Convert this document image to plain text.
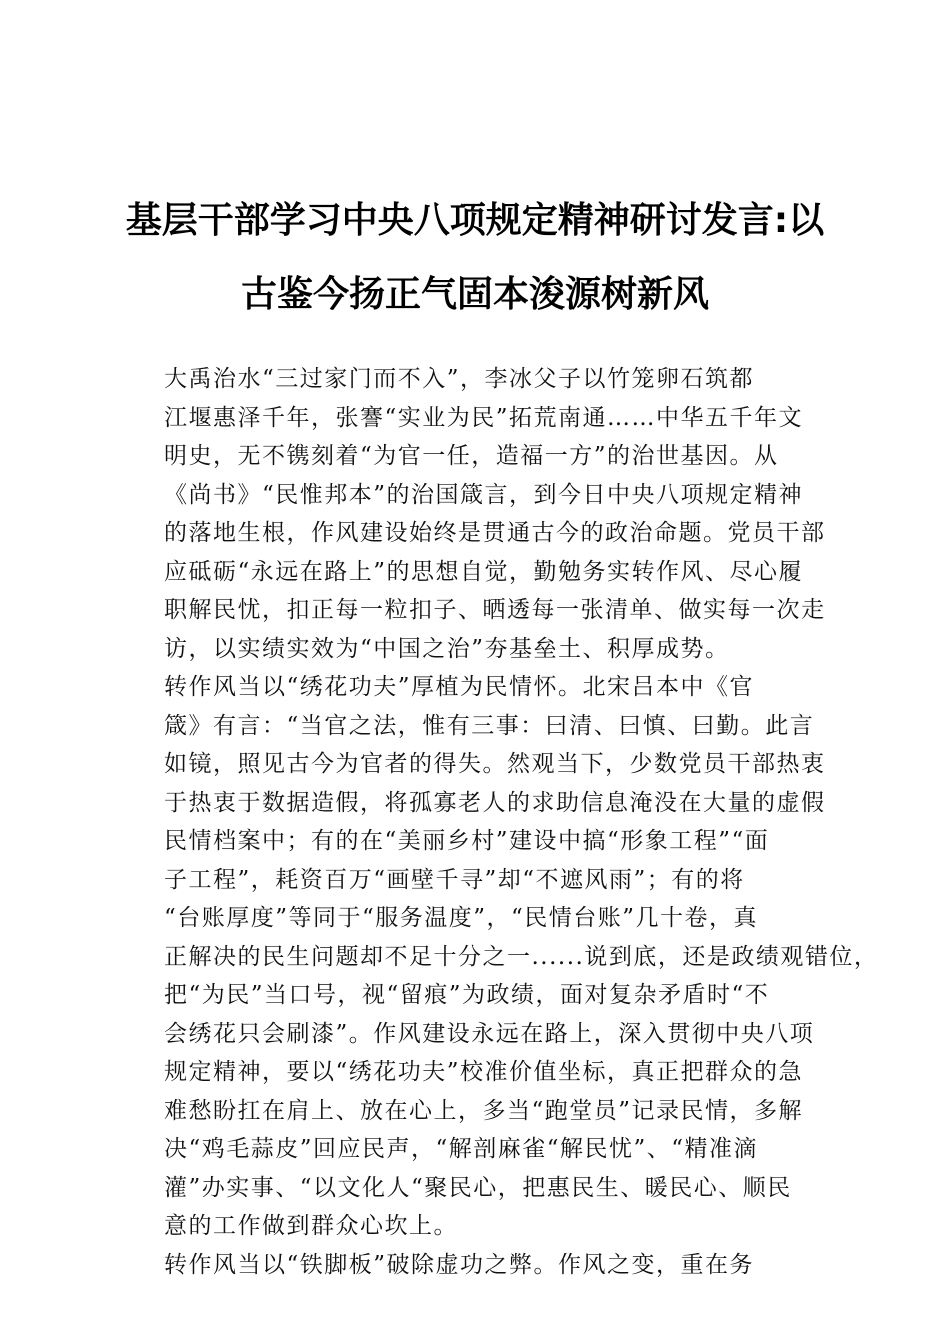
基层干部学习中央八项规定精神研讨发言:以
古鉴今扬正气固本浚源树新风

大禹治水“三过家门而不入”，李冰父子以竹笼卵石筑都
江堰惠泽千年，张謇“实业为民”拓荒南通……中华五千年文
明史，无不镌刻着“为官一任，造福一方”的治世基因。从
《尚书》“民惟邦本”的治国箴言，到今日中央八项规定精神
的落地生根，作风建设始终是贯通古今的政治命题。党员干部
应砥砺“永远在路上”的思想自觉，勤勉务实转作风、尽心履
职解民忧，扣正每一粒扣子、晒透每一张清单、做实每一次走
访，以实绩实效为“中国之治”夯基垒土、积厚成势。

转作风当以“绣花功夫”厚植为民情怀。北宋吕本中《官
箴》有言：“当官之法，惟有三事：曰清、曰慎、曰勤。此言
如镜，照见古今为官者的得失。然观当下，少数党员干部热衷
于热衷于数据造假，将孤寡老人的求助信息淹没在大量的虚假
民情档案中；有的在“美丽乡村”建设中搞“形象工程”“面
子工程”，耗资百万“画壁千寻”却“不遮风雨”；有的将
“台账厚度”等同于“服务温度”，“民情台账”几十卷，真
正解决的民生问题却不足十分之一......说到底，还是政绩观错位，
把“为民”当口号，视“留痕”为政绩，面对复杂矛盾时“不
会绣花只会刷漆”。作风建设永远在路上，深入贯彻中央八项
规定精神，要以“绣花功夫”校准价值坐标，真正把群众的急
难愁盼扛在肩上、放在心上，多当“跑堂员”记录民情，多解
决“鸡毛蒜皮”回应民声，“解剖麻雀“解民忧”、“精准滴
灌”办实事、“以文化人“聚民心，把惠民生、暖民心、顺民
意的工作做到群众心坎上。

转作风当以“铁脚板”破除虚功之弊。作风之变，重在务
